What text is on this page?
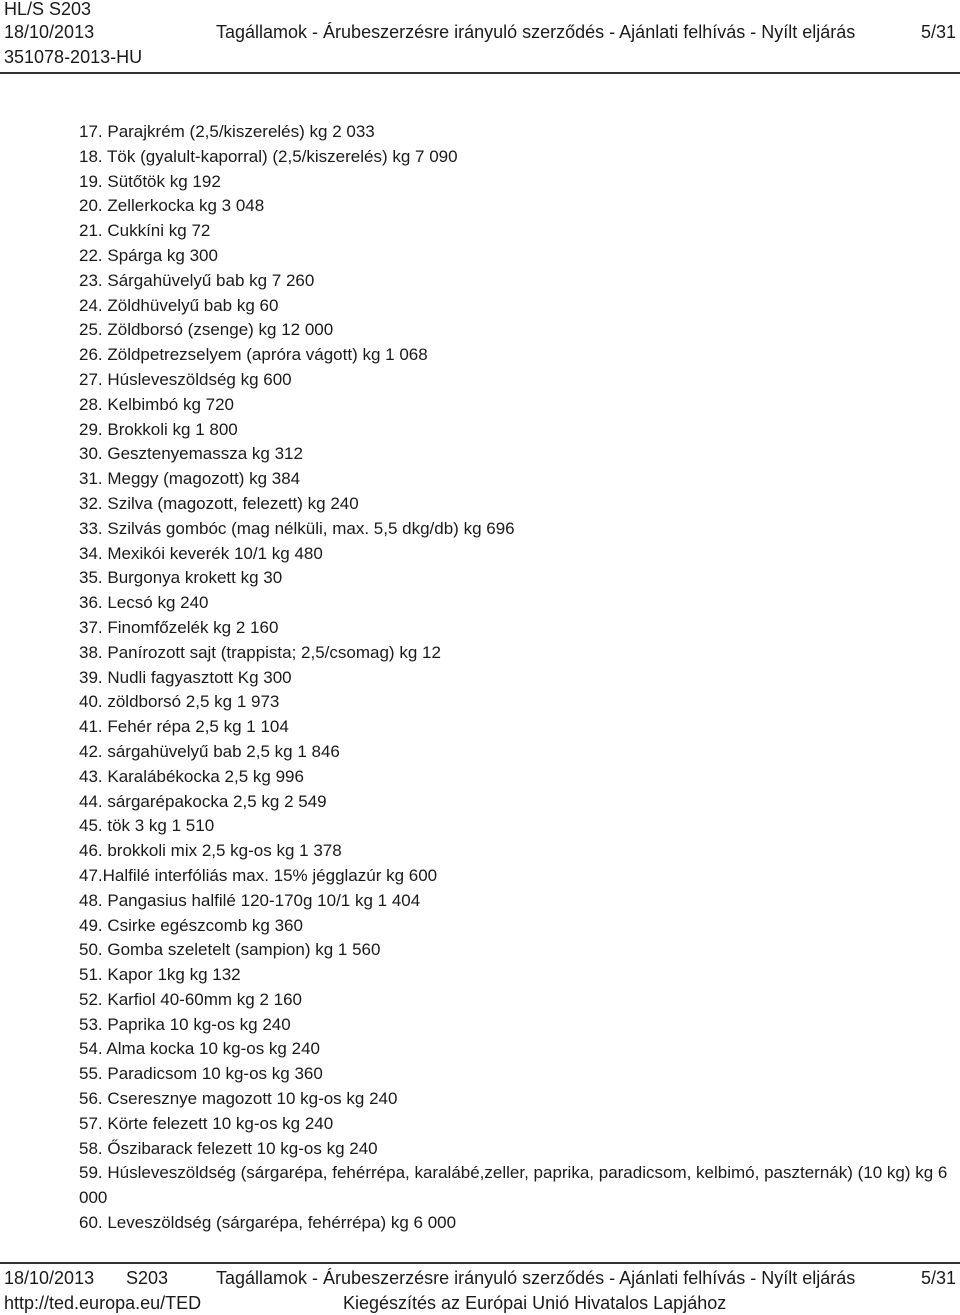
HL/S S203
18/10/2013
351078-2013-HU
Tagállamok - Árubeszerzésre irányuló szerződés - Ajánlati felhívás - Nyílt eljárás	5/31
17. Parajkrém (2,5/kiszerelés) kg 2 033
18. Tök (gyalult-kaporral) (2,5/kiszerelés) kg 7 090
19. Sütőtök kg 192
20. Zellerkocka kg 3 048
21. Cukkíni kg 72
22. Spárga kg 300
23. Sárgahüvelyű bab kg 7 260
24. Zöldhüvelyű bab kg 60
25. Zöldborsó (zsenge) kg 12 000
26. Zöldpetrezselyem (apróra vágott) kg 1 068
27. Húsleveszöldség kg 600
28. Kelbimbó kg 720
29. Brokkoli kg 1 800
30. Gesztenyemassza kg 312
31. Meggy (magozott) kg 384
32. Szilva (magozott, felezett) kg 240
33. Szilvás gombóc (mag nélküli, max. 5,5 dkg/db) kg 696
34. Mexikói keverék 10/1 kg 480
35. Burgonya krokett kg 30
36. Lecsó kg 240
37. Finomfőzelék kg 2 160
38. Panírozott sajt (trappista; 2,5/csomag) kg 12
39. Nudli fagyasztott Kg 300
40. zöldborsó 2,5 kg 1 973
41. Fehér répa 2,5 kg 1 104
42. sárgahüvelyű bab 2,5 kg 1 846
43. Karalábékocka 2,5 kg 996
44. sárgarépakocka 2,5 kg 2 549
45. tök 3 kg 1 510
46. brokkoli mix 2,5 kg-os kg 1 378
47.Halfilé interfóliás max. 15% jégglazúr kg 600
48. Pangasius halfilé 120-170g 10/1 kg 1 404
49. Csirke egészcomb kg 360
50. Gomba szeletelt (sampion) kg 1 560
51. Kapor 1kg kg 132
52. Karfiol 40-60mm kg 2 160
53. Paprika 10 kg-os kg 240
54. Alma kocka 10 kg-os kg 240
55. Paradicsom 10 kg-os kg 360
56. Cseresznye magozott 10 kg-os kg 240
57. Körte felezett 10 kg-os kg 240
58. Őszibarack felezett 10 kg-os kg 240
59. Húsleveszöldség (sárgarépa, fehérrépa, karalábé,zeller, paprika, paradicsom, kelbimó, paszternák) (10 kg) kg 6 000
60. Leveszöldség (sárgarépa, fehérrépa) kg 6 000
18/10/2013 S203	Tagállamok - Árubeszerzésre irányuló szerződés - Ajánlati felhívás - Nyílt eljárás	5/31
http://ted.europa.eu/TED	Kiegészítés az Európai Unió Hivatalos Lapjához
